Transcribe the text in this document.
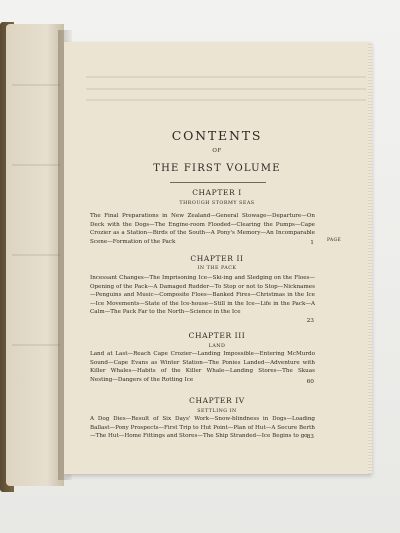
CONTENTS
OF
THE FIRST VOLUME
CHAPTER I
THROUGH STORMY SEAS
PAGE
The Final Preparations in New Zealand—General Stowage—Departure—On Deck with the Dogs—The Engine-room Flooded—Clearing the Pumps—Cape Crozier as a Station—Birds of the South—A Pony's Memory—An Incomparable Scene—Formation of the Pack	1
CHAPTER II
IN THE PACK
Incessant Changes—The Imprisoning Ice—Ski-ing and Sledging on the Floes—Opening of the Pack—A Damaged Rudder—To Stop or not to Stop—Nicknames—Penguins and Music—Composite Floes—Banked Fires—Christmas in the Ice—Ice Movements—State of the Ice-house—Still in the Ice—Life in the Pack—A Calm—The Pack Far to the North—Science in the Ice
23
CHAPTER III
LAND
Land at Last—Reach Cape Crozier—Landing Impossible—Entering McMurdo Sound—Cape Evans as Winter Station—The Ponies Landed—Adventure with Killer Whales—Habits of the Killer Whale—Landing Stores—The Skuas Nesting—Dangers of the Rotting Ice	60
CHAPTER IV
SETTLING IN
A Dog Dies—Result of Six Days' Work—Snow-blindness in Dogs—Loading Ballast—Pony Prospects—First Trip to Hut Point—Plan of Hut—A Secure Berth—The Hut—Home Fittings and Stores—The Ship Stranded—Ice Begins to go 83
